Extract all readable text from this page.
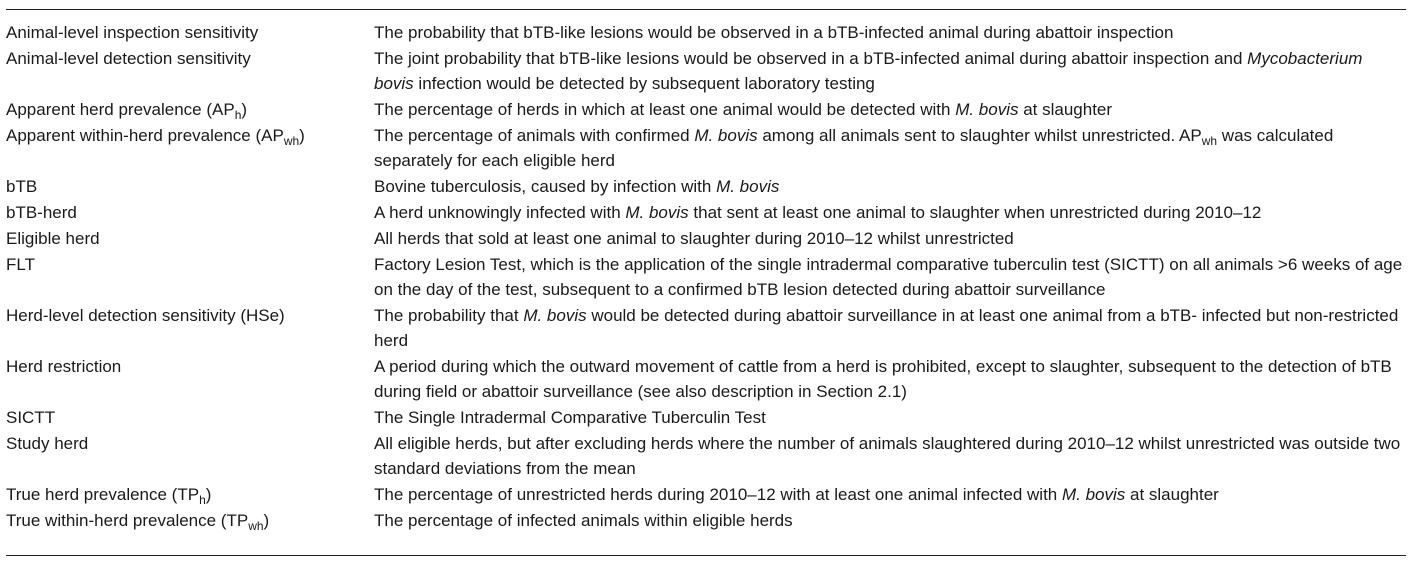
Animal-level inspection sensitivity	The probability that bTB-like lesions would be observed in a bTB-infected animal during abattoir inspection
Animal-level detection sensitivity	The joint probability that bTB-like lesions would be observed in a bTB-infected animal during abattoir inspection and Mycobacterium bovis infection would be detected by subsequent laboratory testing
Apparent herd prevalence $(AP_h)$	The percentage of herds in which at least one animal would be detected with M. bovis at slaughter
Apparent within-herd prevalence $(AP_{wh})$	The percentage of animals with confirmed M. bovis among all animals sent to slaughter whilst unrestricted. $AP_{wh}$ was calculated separately for each eligible herd
bTB	Bovine tuberculosis, caused by infection with M. bovis
bTB-herd	A herd unknowingly infected with M. bovis that sent at least one animal to slaughter when unrestricted during 2010–12
Eligible herd	All herds that sold at least one animal to slaughter during 2010–12 whilst unrestricted
FLT	Factory Lesion Test, which is the application of the single intradermal comparative tuberculin test (SICTT) on all animals >6 weeks of age on the day of the test, subsequent to a confirmed bTB lesion detected during abattoir surveillance
Herd-level detection sensitivity (HSe)	The probability that M. bovis would be detected during abattoir surveillance in at least one animal from a bTB- infected but non-restricted herd
Herd restriction	A period during which the outward movement of cattle from a herd is prohibited, except to slaughter, subsequent to the detection of bTB during field or abattoir surveillance (see also description in Section 2.1)
SICTT	The Single Intradermal Comparative Tuberculin Test
Study herd	All eligible herds, but after excluding herds where the number of animals slaughtered during 2010–12 whilst unrestricted was outside two standard deviations from the mean
True herd prevalence $(TP_h)$	The percentage of unrestricted herds during 2010–12 with at least one animal infected with M. bovis at slaughter
True within-herd prevalence $(TP_{wh})$	The percentage of infected animals within eligible herds
